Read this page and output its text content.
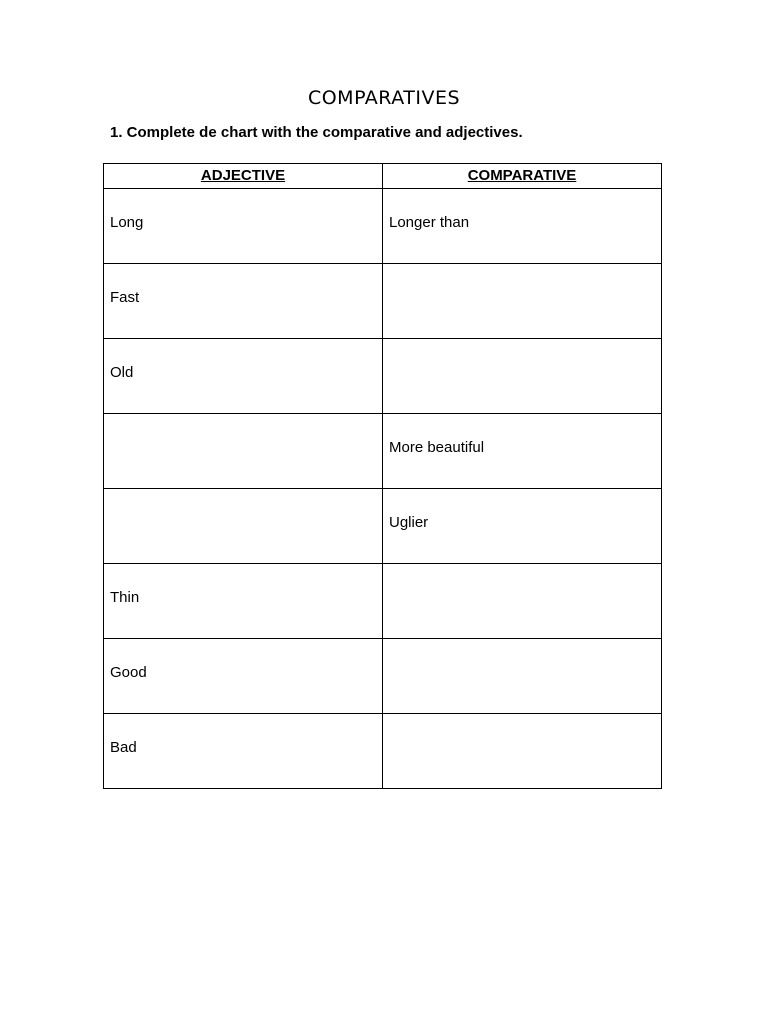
COMPARATIVES
1. Complete de chart with the comparative and adjectives.
ADJECTIVE	COMPARATIVE
Long	Longer than
Fast	
Old	
	More beautiful
	Uglier
Thin	
Good	
Bad	
